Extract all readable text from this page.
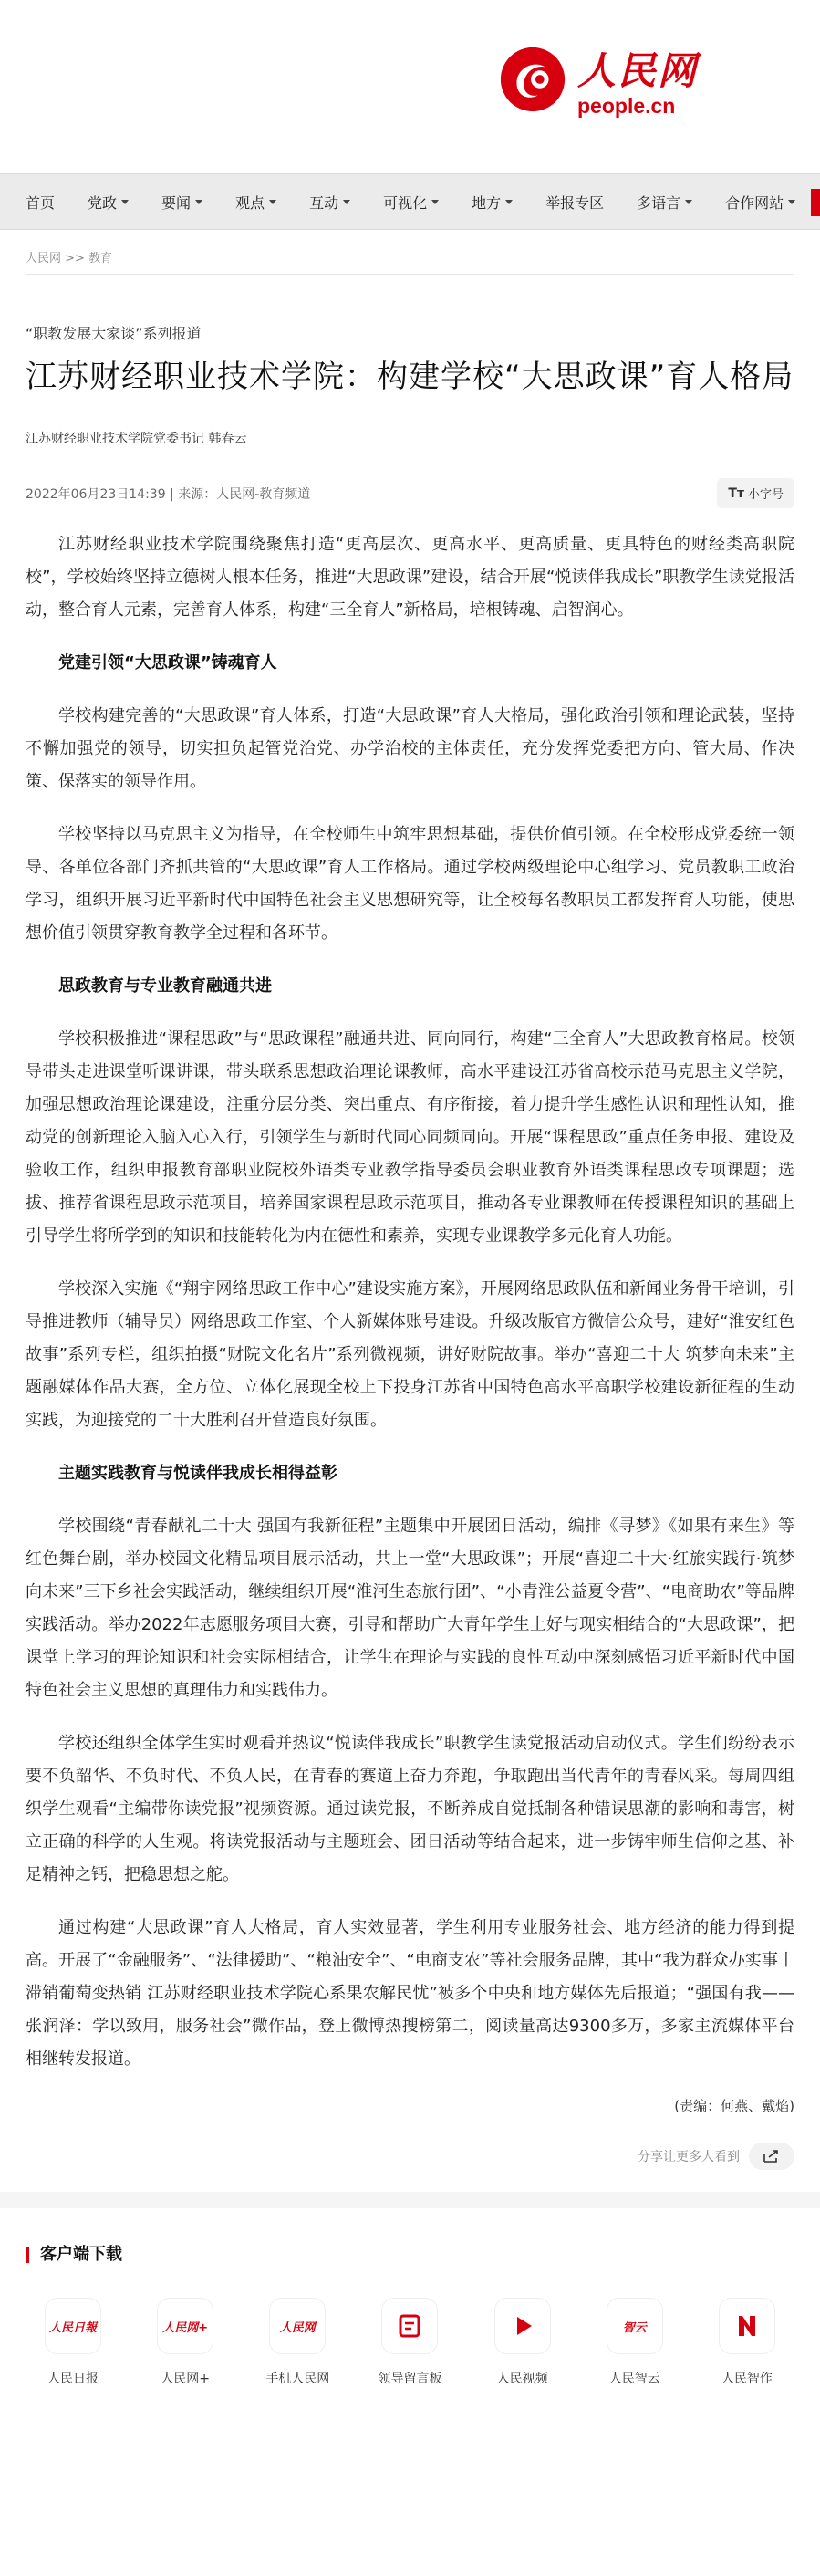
人民网
people.cn
首页 党政	要闻	观点	互动	可视化	地方	举报专区 多语言	合作网站
人民网 >> 教育
“职教发展大家谈”系列报道
江苏财经职业技术学院：构建学校“大思政课”育人格局
江苏财经职业技术学院党委书记 韩春云
2022年06月23日14:39 | 来源：人民网-教育频道	Tт 小字号

江苏财经职业技术学院围绕聚焦打造“更高层次、更高水平、更高质量、更具特色的财经类高职院校”，学校始终坚持立德树人根本任务，推进“大思政课”建设，结合开展“悦读伴我成长”职教学生读党报活动，整合育人元素，完善育人体系，构建“三全育人”新格局，培根铸魂、启智润心。

党建引领“大思政课”铸魂育人

学校构建完善的“大思政课”育人体系，打造“大思政课”育人大格局，强化政治引领和理论武装，坚持不懈加强党的领导，切实担负起管党治党、办学治校的主体责任，充分发挥党委把方向、管大局、作决策、保落实的领导作用。

学校坚持以马克思主义为指导，在全校师生中筑牢思想基础，提供价值引领。在全校形成党委统一领导、各单位各部门齐抓共管的“大思政课”育人工作格局。通过学校两级理论中心组学习、党员教职工政治学习，组织开展习近平新时代中国特色社会主义思想研究等，让全校每名教职员工都发挥育人功能，使思想价值引领贯穿教育教学全过程和各环节。

思政教育与专业教育融通共进

学校积极推进“课程思政”与“思政课程”融通共进、同向同行，构建“三全育人”大思政教育格局。校领导带头走进课堂听课讲课，带头联系思想政治理论课教师，高水平建设江苏省高校示范马克思主义学院，加强思想政治理论课建设，注重分层分类、突出重点、有序衔接，着力提升学生感性认识和理性认知，推动党的创新理论入脑入心入行，引领学生与新时代同心同频同向。开展“课程思政”重点任务申报、建设及验收工作，组织申报教育部职业院校外语类专业教学指导委员会职业教育外语类课程思政专项课题；选拔、推荐省课程思政示范项目，培养国家课程思政示范项目，推动各专业课教师在传授课程知识的基础上引导学生将所学到的知识和技能转化为内在德性和素养，实现专业课教学多元化育人功能。

学校深入实施《“翔宇网络思政工作中心”建设实施方案》，开展网络思政队伍和新闻业务骨干培训，引导推进教师（辅导员）网络思政工作室、个人新媒体账号建设。升级改版官方微信公众号，建好“淮安红色故事”系列专栏，组织拍摄“财院文化名片”系列微视频，讲好财院故事。举办“喜迎二十大 筑梦向未来”主题融媒体作品大赛，全方位、立体化展现全校上下投身江苏省中国特色高水平高职学校建设新征程的生动实践，为迎接党的二十大胜利召开营造良好氛围。

主题实践教育与悦读伴我成长相得益彰

学校围绕“青春献礼二十大 强国有我新征程”主题集中开展团日活动，编排《寻梦》《如果有来生》等红色舞台剧，举办校园文化精品项目展示活动，共上一堂“大思政课”；开展“喜迎二十大·红旅实践行·筑梦向未来”三下乡社会实践活动，继续组织开展“淮河生态旅行团”、“小青淮公益夏令营”、“电商助农”等品牌实践活动。举办2022年志愿服务项目大赛，引导和帮助广大青年学生上好与现实相结合的“大思政课”，把课堂上学习的理论知识和社会实际相结合，让学生在理论与实践的良性互动中深刻感悟习近平新时代中国特色社会主义思想的真理伟力和实践伟力。

学校还组织全体学生实时观看并热议“悦读伴我成长”职教学生读党报活动启动仪式。学生们纷纷表示要不负韶华、不负时代、不负人民，在青春的赛道上奋力奔跑，争取跑出当代青年的青春风采。每周四组织学生观看“主编带你读党报”视频资源。通过读党报，不断养成自觉抵制各种错误思潮的影响和毒害，树立正确的科学的人生观。将读党报活动与主题班会、团日活动等结合起来，进一步铸牢师生信仰之基、补足精神之钙，把稳思想之舵。

通过构建“大思政课”育人大格局，育人实效显著，学生利用专业服务社会、地方经济的能力得到提高。开展了“金融服务”、“法律援助”、“粮油安全”、“电商支农”等社会服务品牌，其中“我为群众办实事丨滞销葡萄变热销 江苏财经职业技术学院心系果农解民忧”被多个中央和地方媒体先后报道；“强国有我——张润泽：学以致用，服务社会”微作品，登上微博热搜榜第二，阅读量高达9300多万，多家主流媒体平台相继转发报道。

(责编：何燕、戴焰)
分享让更多人看到
客户端下载
人民日報
人民日报
人民网+
人民网+
人民网
手机人民网	领导留言板	人民视频
智云
人民智云	人民智作
